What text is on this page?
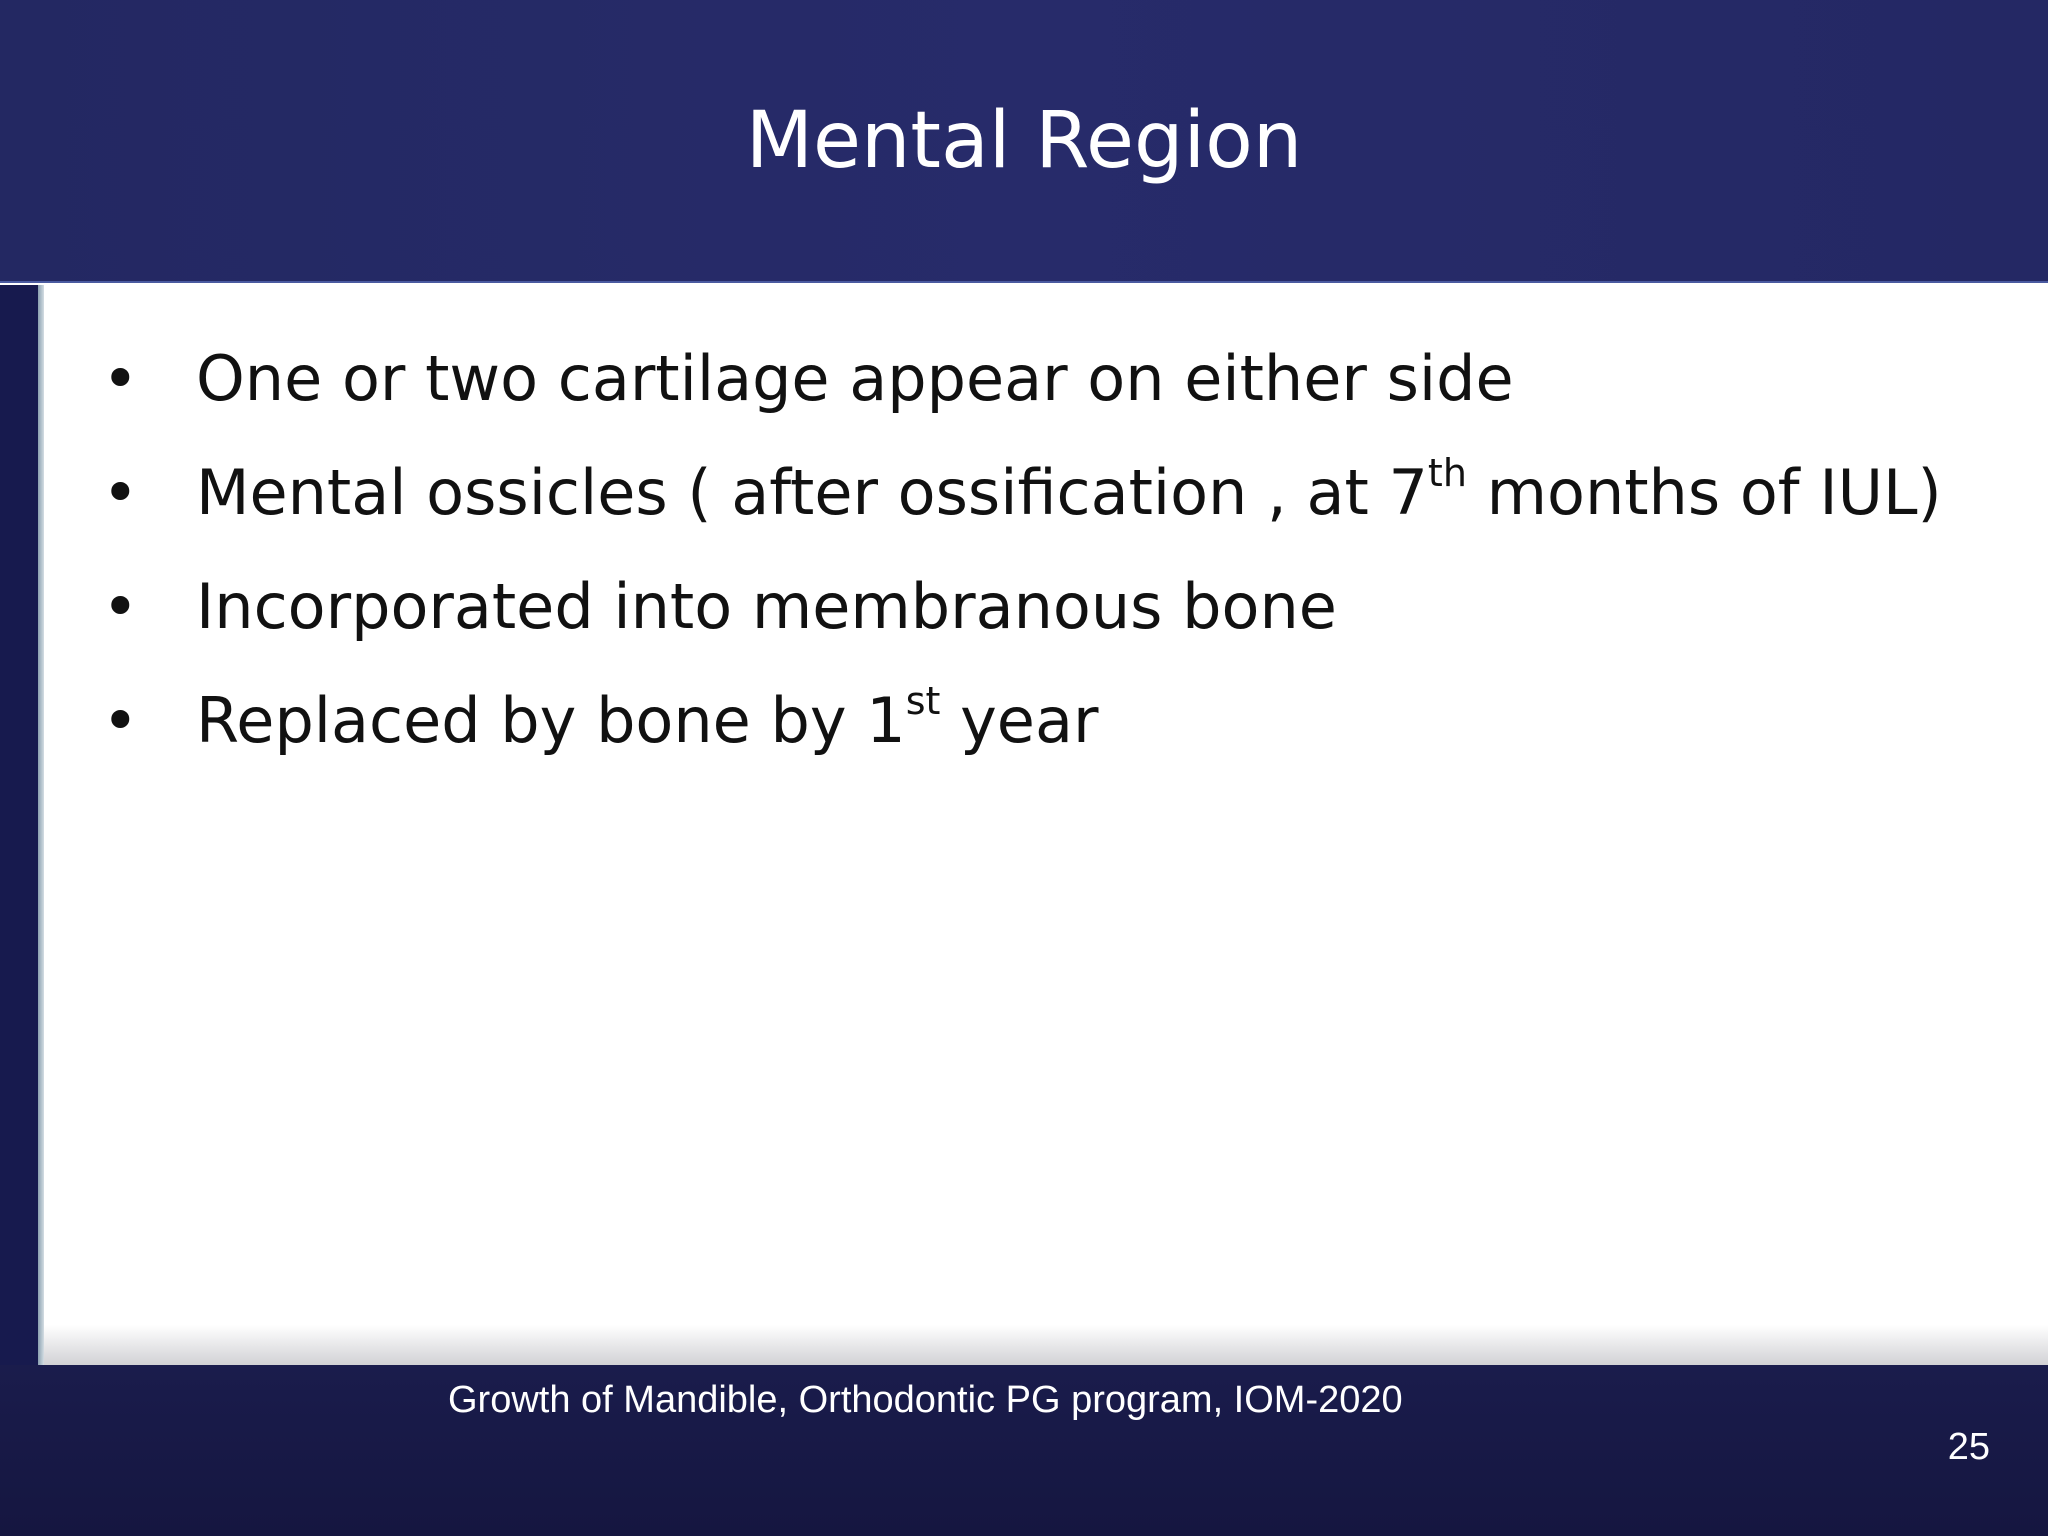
Mental Region
• One or two cartilage appear on either side
• Mental ossicles ( after ossification , at 7th months of IUL)
• Incorporated into membranous bone
• Replaced by bone by 1st year
Growth of Mandible, Orthodontic PG program, IOM-2020
25
